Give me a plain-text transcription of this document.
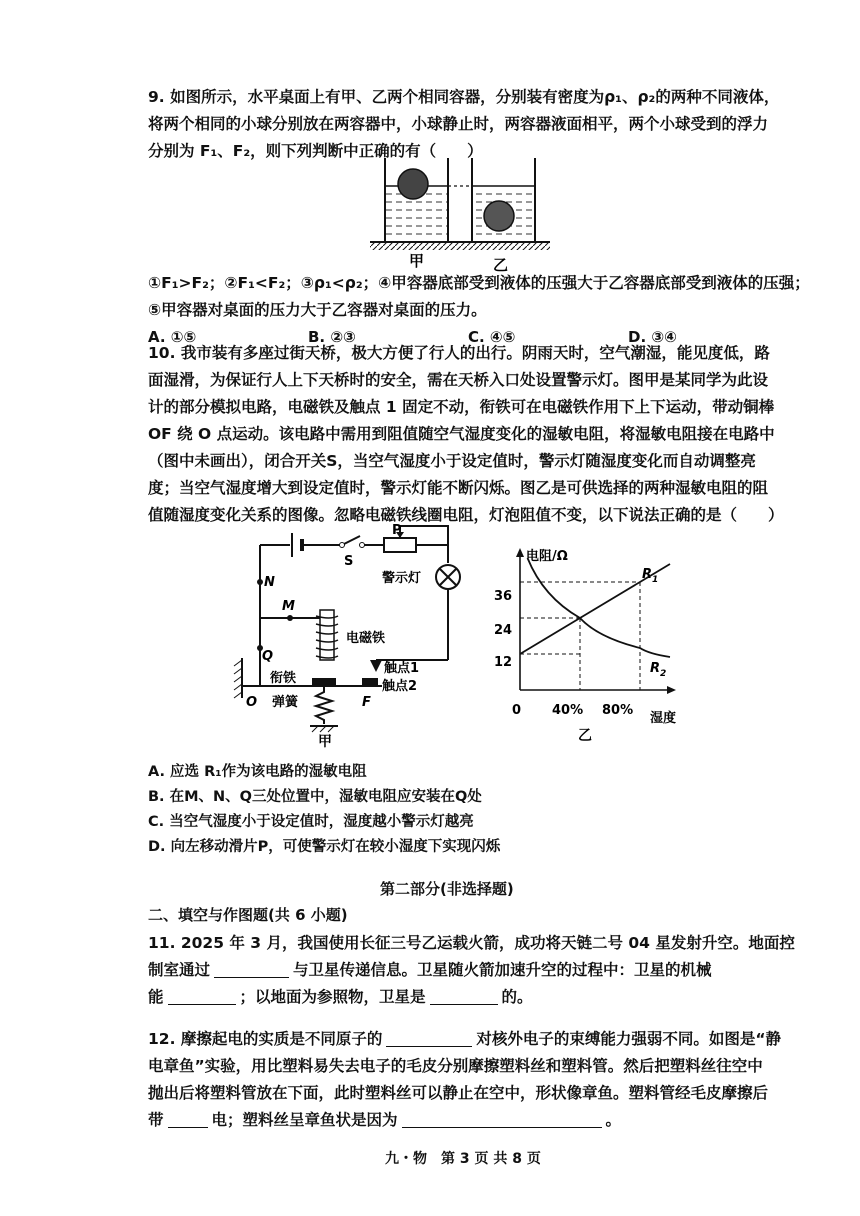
9. 如图所示，水平桌面上有甲、乙两个相同容器，分别装有密度为ρ₁、ρ₂的两种不同液体，
将两个相同的小球分别放在两容器中，小球静止时，两容器液面相平，两个小球受到的浮力
分别为 F₁、F₂，则下列判断中正确的有（　　）
甲	乙
①F₁>F₂；②F₁<F₂；③ρ₁<ρ₂；④甲容器底部受到液体的压强大于乙容器底部受到液体的压强；
⑤甲容器对桌面的压力大于乙容器对桌面的压力。
A. ①⑤	B. ②③	C. ④⑤	D. ③④
10. 我市装有多座过街天桥，极大方便了行人的出行。阴雨天时，空气潮湿，能见度低，路
面湿滑，为保证行人上下天桥时的安全，需在天桥入口处设置警示灯。图甲是某同学为此设
计的部分模拟电路，电磁铁及触点 1 固定不动，衔铁可在电磁铁作用下上下运动，带动铜棒
OF 绕 O 点运动。该电路中需用到阻值随空气湿度变化的湿敏电阻，将湿敏电阻接在电路中
（图中未画出），闭合开关S，当空气湿度小于设定值时，警示灯随湿度变化而自动调整亮
度；当空气湿度增大到设定值时，警示灯能不断闪烁。图乙是可供选择的两种湿敏电阻的阻
值随湿度变化关系的图像。忽略电磁铁线圈电阻，灯泡阻值不变，以下说法正确的是（　　）
P
S
警示灯
N
M
Q
电磁铁
衔铁
触点1
触点2
O 弹簧	F
甲
电阻/Ω
湿度
0
36
24
12
40% 80%
$R_1$
$R_2$
乙
A. 应选 R₁作为该电路的湿敏电阻
B. 在M、N、Q三处位置中，湿敏电阻应安装在Q处
C. 当空气湿度小于设定值时，湿度越小警示灯越亮
D. 向左移动滑片P，可使警示灯在较小湿度下实现闪烁
第二部分(非选择题)
二、填空与作图题(共 6 小题)
11. 2025 年 3 月，我国使用长征三号乙运载火箭，成功将天链二号 04 星发射升空。地面控
制室通过	与卫星传递信息。卫星随火箭加速升空的过程中：卫星的机械
能	；以地面为参照物，卫星是	的。
12. 摩擦起电的实质是不同原子的	对核外电子的束缚能力强弱不同。如图是“静
电章鱼”实验，用比塑料易失去电子的毛皮分别摩擦塑料丝和塑料管。然后把塑料丝往空中
抛出后将塑料管放在下面，此时塑料丝可以静止在空中，形状像章鱼。塑料管经毛皮摩擦后
带	电；塑料丝呈章鱼状是因为	。
九・物　第 3 页 共 8 页
